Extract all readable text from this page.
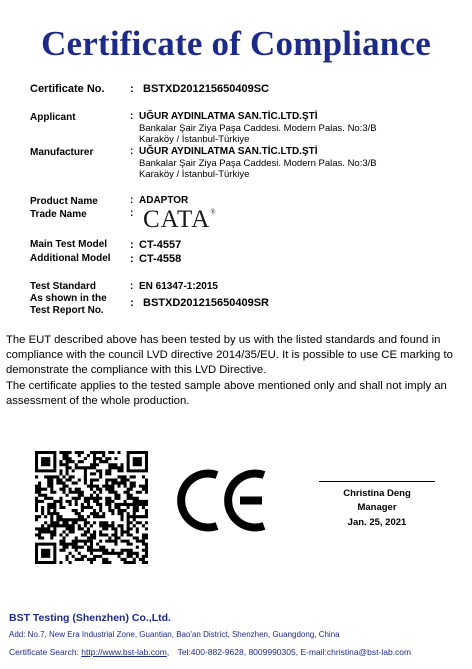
Certificate of Compliance
Certificate No. : BSTXD201215650409SC
Applicant	: UĞUR AYDINLATMA SAN.TİC.LTD.ŞTİ
Bankalar Şair Ziya Paşa Caddesi. Modern Palas. No:3/B
Karaköy / İstanbul-Türkiye
Manufacturer	: UĞUR AYDINLATMA SAN.TİC.LTD.ŞTİ
Bankalar Şair Ziya Paşa Caddesi. Modern Palas. No:3/B
Karaköy / İstanbul-Türkiye
Product Name	: ADAPTOR
Trade Name	: CATA®
Main Test Model : CT-4557
Additional Model : CT-4558
Test Standard	: EN 61347-1:2015
As shown in the
Test Report No.
: BSTXD201215650409SR

The EUT described above has been tested by us with the listed standards and found in compliance with the council LVD directive 2014/35/EU. It is possible to use CE marking to demonstrate the compliance with this LVD Directive.

The certificate applies to the tested sample above mentioned only and shall not imply an assessment of the whole production.

Christina Deng
Manager
Jan. 25, 2021
BST Testing (Shenzhen) Co.,Ltd.
Add: No.7, New Era Industrial Zone, Guantian, Bao'an District, Shenzhen, Guangdong, China
Certificate Search: http://www.bst-lab.com, Tel:400-882-9628, 8009990305, E-mail:christina@bst-lab.com
